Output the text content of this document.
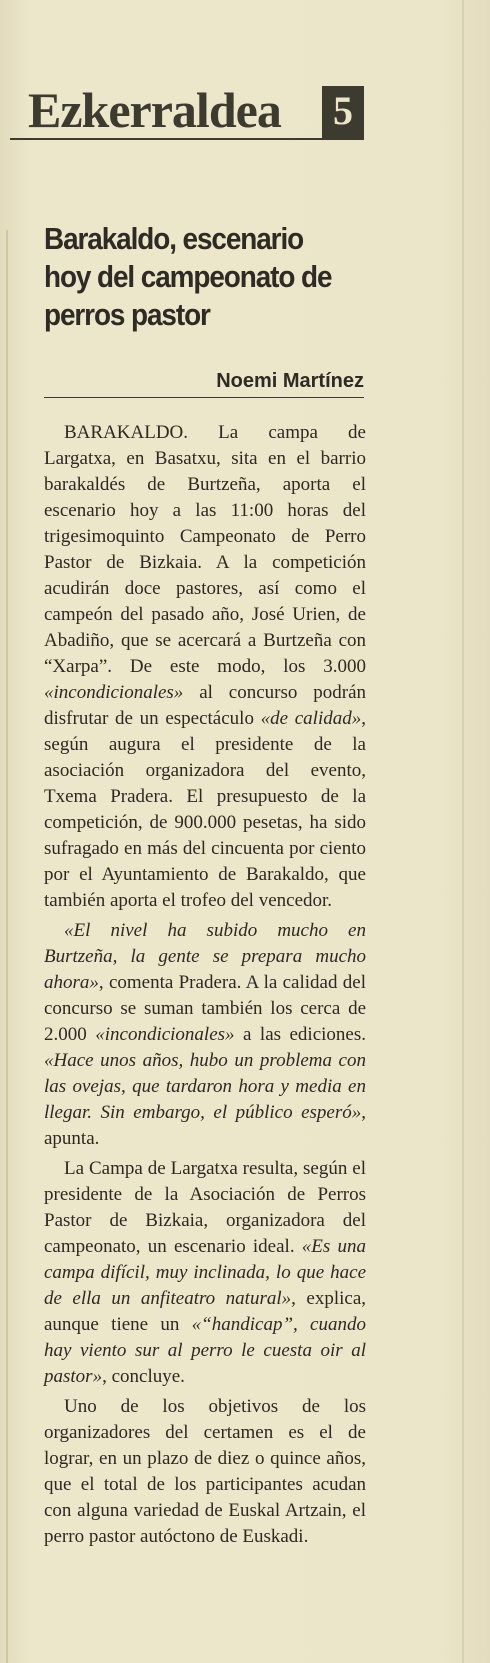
Ezkerraldea 5
Barakaldo, escenario hoy del campeonato de perros pastor
Noemi Martínez

BARAKALDO. La campa de Largatxa, en Basatxu, sita en el barrio barakaldés de Burtzeña, aporta el escenario hoy a las 11:00 horas del trigesimoquinto Campeonato de Perro Pastor de Bizkaia. A la competición acudirán doce pastores, así como el campeón del pasado año, José Urien, de Abadiño, que se acercará a Burtzeña con “Xarpa”. De este modo, los 3.000 «incondicionales» al concurso podrán disfrutar de un espectáculo «de calidad», según augura el presidente de la asociación organizadora del evento, Txema Pradera. El presupuesto de la competición, de 900.000 pesetas, ha sido sufragado en más del cincuenta por ciento por el Ayuntamiento de Barakaldo, que también aporta el trofeo del vencedor.

«El nivel ha subido mucho en Burtzeña, la gente se prepara mucho ahora», comenta Pradera. A la calidad del concurso se suman también los cerca de 2.000 «incondicionales» a las ediciones. «Hace unos años, hubo un problema con las ovejas, que tardaron hora y media en llegar. Sin embargo, el público esperó», apunta.

La Campa de Largatxa resulta, según el presidente de la Asociación de Perros Pastor de Bizkaia, organizadora del campeonato, un escenario ideal. «Es una campa difícil, muy inclinada, lo que hace de ella un anfiteatro natural», explica, aunque tiene un «“handicap”, cuando hay viento sur al perro le cuesta oir al pastor», concluye.

Uno de los objetivos de los organizadores del certamen es el de lograr, en un plazo de diez o quince años, que el total de los participantes acudan con alguna variedad de Euskal Artzain, el perro pastor autóctono de Euskadi.
